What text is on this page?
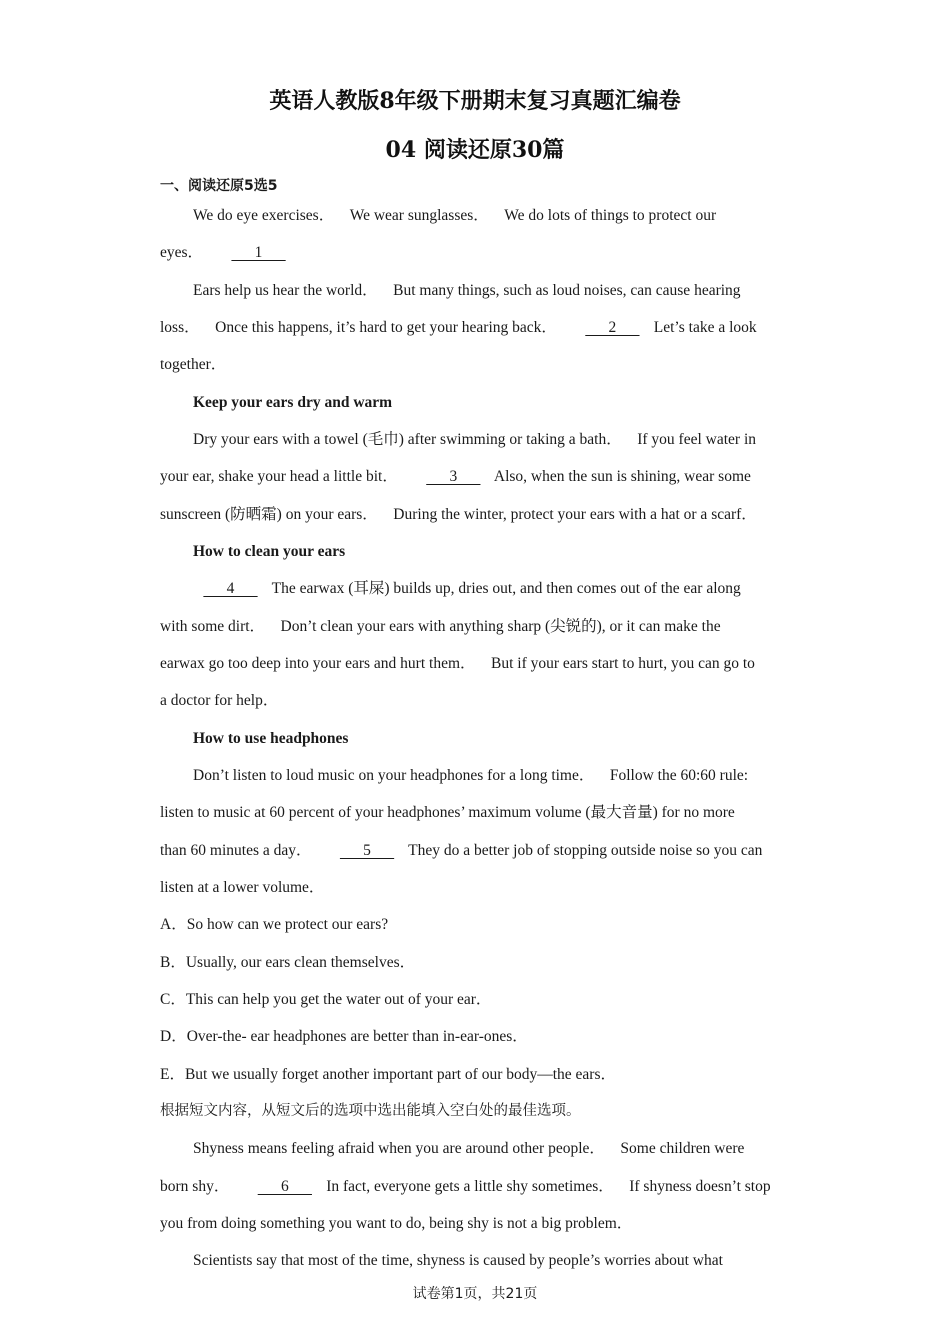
英语人教版8年级下册期末复习真题汇编卷
04 阅读还原30篇
一、阅读还原5选5
We do eye exercises． We wear sunglasses． We do lots of things to protect our
eyes．   1   
Ears help us hear the world． But many things, such as loud noises, can cause hearing
loss． Once this happens, it’s hard to get your hearing back．   2    Let’s take a look
together．
Keep your ears dry and warm
Dry your ears with a towel (毛巾) after swimming or taking a bath． If you feel water in
your ear, shake your head a little bit．   3    Also, when the sun is shining, wear some
sunscreen (防晒霜) on your ears． During the winter, protect your ears with a hat or a scarf．
How to clean your ears
   4    The earwax (耳屎) builds up, dries out, and then comes out of the ear along
with some dirt． Don’t clean your ears with anything sharp (尖锐的), or it can make the
earwax go too deep into your ears and hurt them． But if your ears start to hurt, you can go to
a doctor for help．
How to use headphones
Don’t listen to loud music on your headphones for a long time． Follow the 60:60 rule:
listen to music at 60 percent of your headphones’ maximum volume (最大音量) for no more
than 60 minutes a day．   5    They do a better job of stopping outside noise so you can
listen at a lower volume．
A．So how can we protect our ears?
B．Usually, our ears clean themselves．
C．This can help you get the water out of your ear．
D．Over-the- ear headphones are better than in-ear-ones．
E．But we usually forget another important part of our body—the ears．
根据短文内容，从短文后的选项中选出能填入空白处的最佳选项。
Shyness means feeling afraid when you are around other people． Some children were
born shy．   6    In fact, everyone gets a little shy sometimes． If shyness doesn’t stop
you from doing something you want to do, being shy is not a big problem．
Scientists say that most of the time, shyness is caused by people’s worries about what
试卷第1页，共21页
